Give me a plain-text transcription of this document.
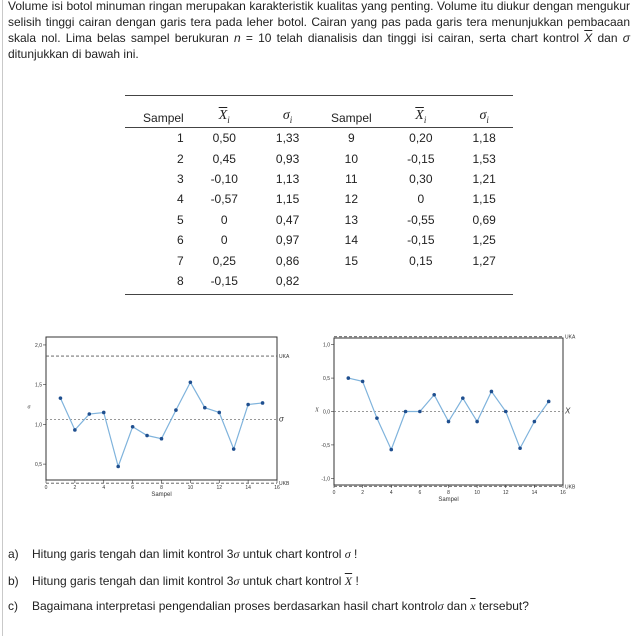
Volume isi botol minuman ringan merupakan karakteristik kualitas yang penting. Volume itu diukur dengan mengukur selisih tinggi cairan dengan garis tera pada leher botol. Cairan yang pas pada garis tera menunjukkan pembacaan skala nol. Lima belas sampel berukuran n = 10 telah dianalisis dan tinggi isi cairan, serta chart kontrol $\overline{X}$ dan σ ditunjukkan di bawah ini.
Sampel	$\overline{X}_i$	$\sigma_i$	Sampel	$\overline{X}_i$	$\sigma_i$
1	0,50	1,33	9	0,20	1,18
2	0,45	0,93	10	-0,15	1,53
3	-0,10	1,13	11	0,30	1,21
4	-0,57	1,15	12	0	1,15
5	0	0,47	13	-0,55	0,69
6	0	0,97	14	-0,15	1,25
7	0,25	0,86	15	0,15	1,27
8	-0,15	0,82			
UKA
σ
UKB
0	2	4	6	8	10	12	14	16
0,5
1,0
1,5
2,0
Sampel
σ
UKA
X
UKB
0	2	4	6	8	10	12	14	16
-1,0
-0,5
0,0
0,5
1,0
Sampel
X
a) Hitung garis tengah dan limit kontrol 3σ untuk chart kontrol σ !
b) Hitung garis tengah dan limit kontrol 3σ untuk chart kontrol $\overline{X}$ !
c) Bagaimana interpretasi pengendalian proses berdasarkan hasil chart kontrolσ dan $\overline{x}$ tersebut?
